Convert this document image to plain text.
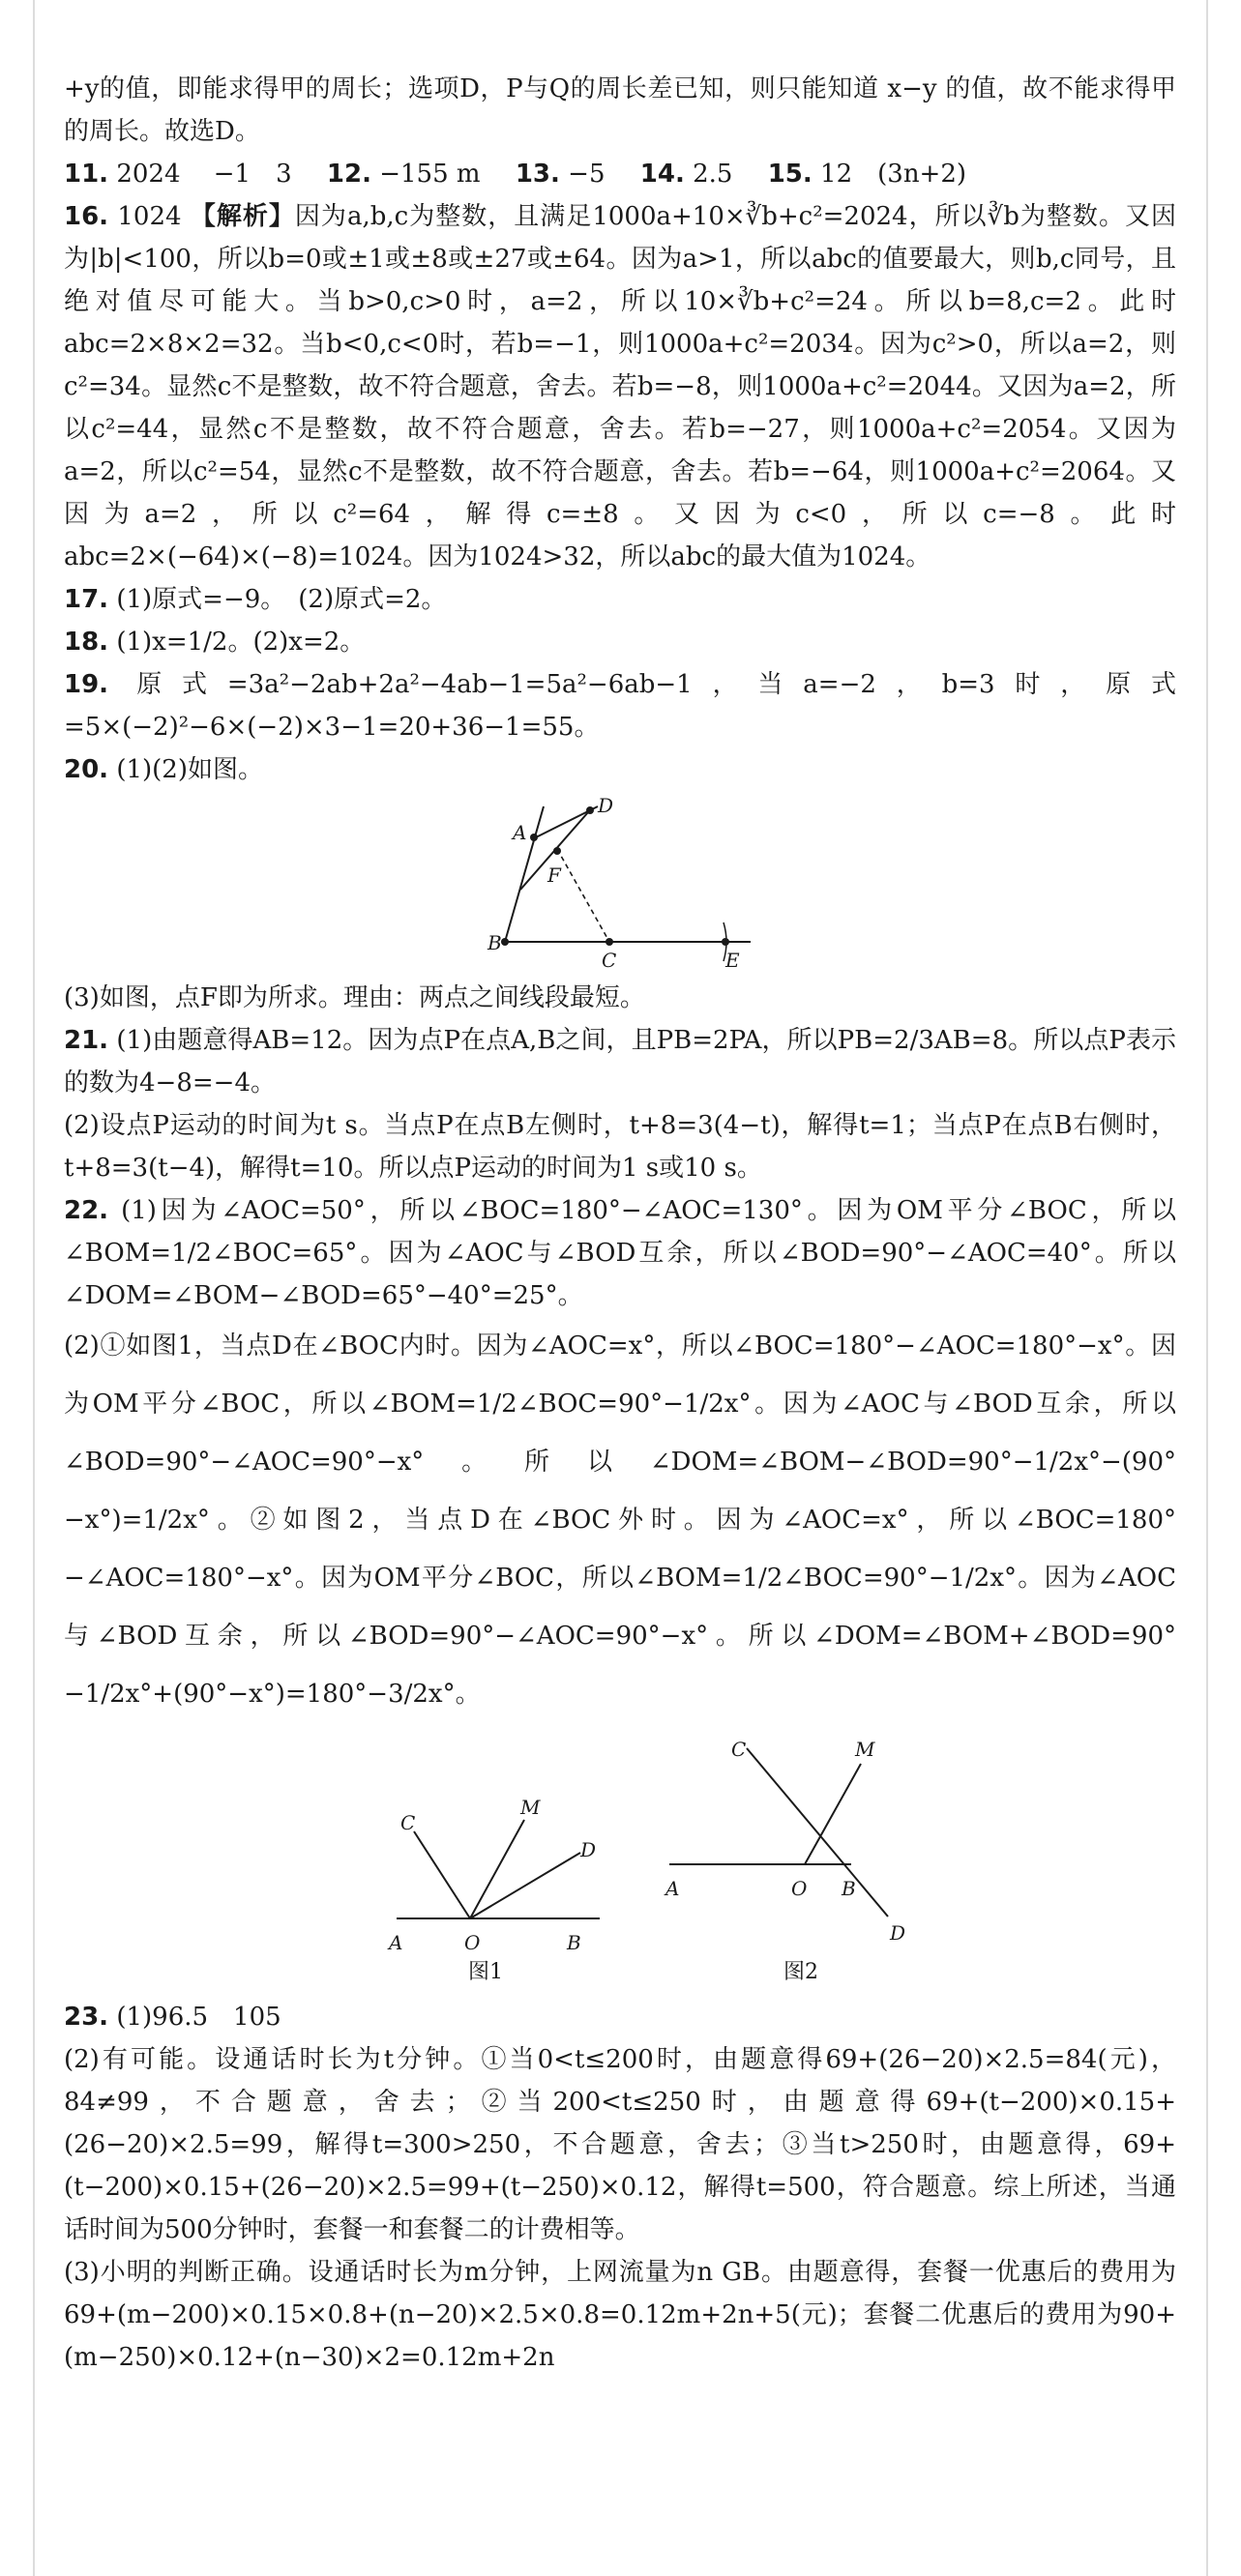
+y的值，即能求得甲的周长；选项D，P与Q的周长差已知，则只能知道 x−y 的值，故不能求得甲的周长。故选D。

11. 2024　 −1　3 12. −155 m 13. −5 14. 2.5 15. 12　(3n+2)

16. 1024 【解析】因为a,b,c为整数，且满足1000a+10×∛b+c²=2024，所以∛b为整数。又因为|b|<100，所以b=0或±1或±8或±27或±64。因为a>1，所以abc的值要最大，则b,c同号，且绝对值尽可能大。当b>0,c>0时，a=2，所以10×∛b+c²=24。所以b=8,c=2。此时abc=2×8×2=32。当b<0,c<0时，若b=−1，则1000a+c²=2034。因为c²>0，所以a=2，则c²=34。显然c不是整数，故不符合题意，舍去。若b=−8，则1000a+c²=2044。又因为a=2，所以c²=44，显然c不是整数，故不符合题意，舍去。若b=−27，则1000a+c²=2054。又因为a=2，所以c²=54，显然c不是整数，故不符合题意，舍去。若b=−64，则1000a+c²=2064。又因为a=2，所以c²=64，解得c=±8。又因为c<0，所以c=−8。此时abc=2×(−64)×(−8)=1024。因为1024>32，所以abc的最大值为1024。

17. (1)原式=−9。　(2)原式=2。

18. (1)x=1/2。(2)x=2。

19. 原式=3a²−2ab+2a²−4ab−1=5a²−6ab−1，当a=−2，b=3时，原式=5×(−2)²−6×(−2)×3−1=20+36−1=55。

20. (1)(2)如图。

A
B
C
D
E
F

(3)如图，点F即为所求。理由：两点之间线段最短。

21. (1)由题意得AB=12。因为点P在点A,B之间，且PB=2PA，所以PB=2/3AB=8。所以点P表示的数为4−8=−4。

(2)设点P运动的时间为t s。当点P在点B左侧时，t+8=3(4−t)，解得t=1；当点P在点B右侧时，t+8=3(t−4)，解得t=10。所以点P运动的时间为1 s或10 s。

22. (1)因为∠AOC=50°，所以∠BOC=180°−∠AOC=130°。因为OM平分∠BOC，所以∠BOM=1/2∠BOC=65°。因为∠AOC与∠BOD互余，所以∠BOD=90°−∠AOC=40°。所以∠DOM=∠BOM−∠BOD=65°−40°=25°。

(2)①如图1，当点D在∠BOC内时。因为∠AOC=x°，所以∠BOC=180°−∠AOC=180°−x°。因为OM平分∠BOC，所以∠BOM=1/2∠BOC=90°−1/2x°。因为∠AOC与∠BOD互余，所以∠BOD=90°−∠AOC=90°−x°。所以∠DOM=∠BOM−∠BOD=90°−1/2x°−(90°−x°)=1/2x°。②如图2，当点D在∠BOC外时。因为∠AOC=x°，所以∠BOC=180°−∠AOC=180°−x°。因为OM平分∠BOC，所以∠BOM=1/2∠BOC=90°−1/2x°。因为∠AOC与∠BOD互余，所以∠BOD=90°−∠AOC=90°−x°。所以∠DOM=∠BOM+∠BOD=90°−1/2x°+(90°−x°)=180°−3/2x°。

A	O	B
C
M
D
图1
A	O B
C	M
D
图2

23. (1)96.5　105

(2)有可能。设通话时长为t分钟。①当0<t≤200时，由题意得69+(26−20)×2.5=84(元)，84≠99，不合题意，舍去；②当200<t≤250时，由题意得69+(t−200)×0.15+(26−20)×2.5=99，解得t=300>250，不合题意，舍去；③当t>250时，由题意得，69+(t−200)×0.15+(26−20)×2.5=99+(t−250)×0.12，解得t=500，符合题意。综上所述，当通话时间为500分钟时，套餐一和套餐二的计费相等。

(3)小明的判断正确。设通话时长为m分钟，上网流量为n GB。由题意得，套餐一优惠后的费用为69+(m−200)×0.15×0.8+(n−20)×2.5×0.8=0.12m+2n+5(元)；套餐二优惠后的费用为90+(m−250)×0.12+(n−30)×2=0.12m+2n
